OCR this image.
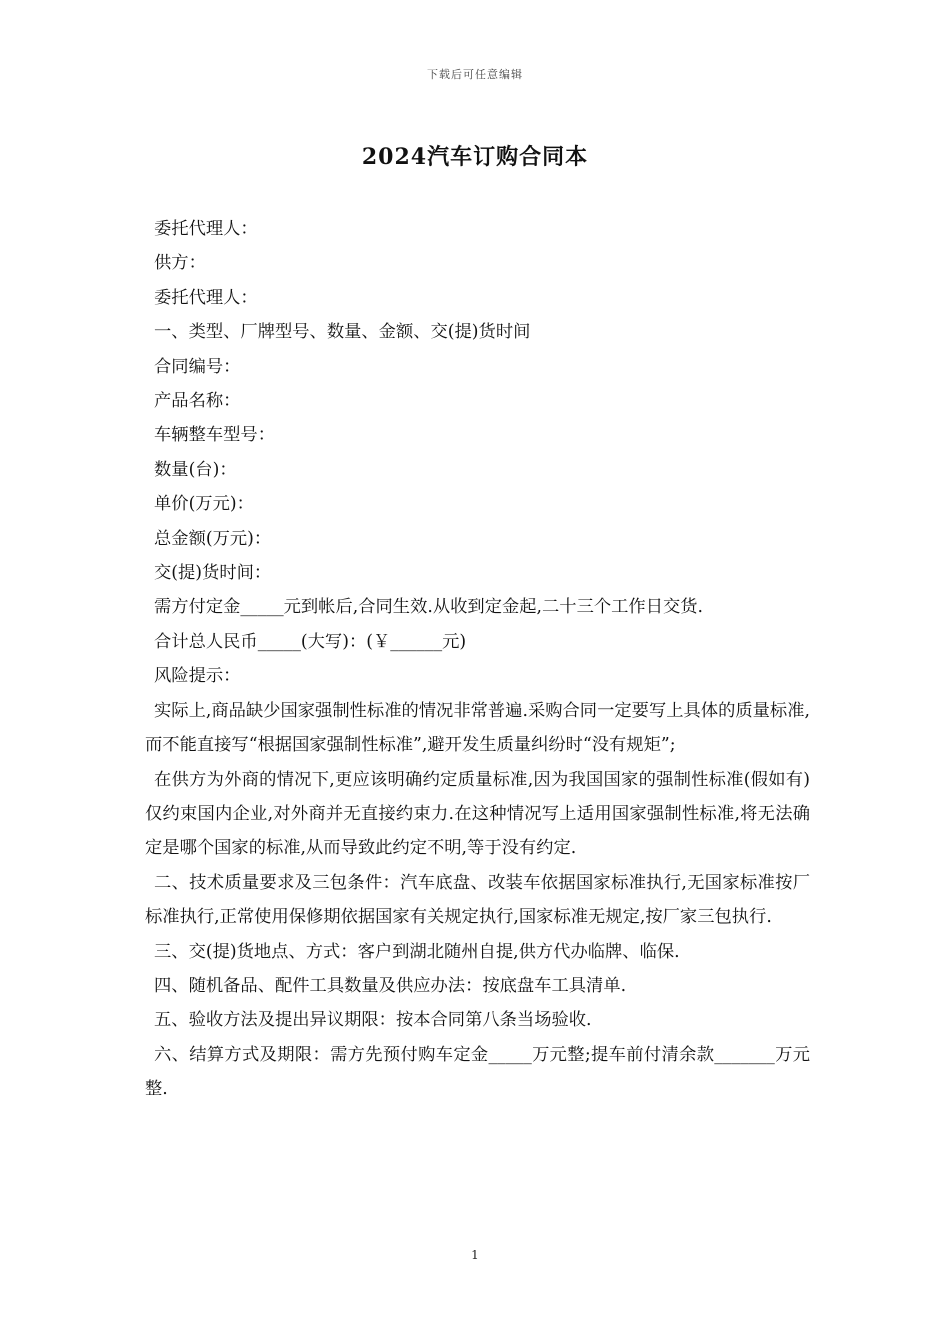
下载后可任意编辑
2024汽车订购合同本
委托代理人：
供方：
委托代理人：
一、类型、厂牌型号、数量、金额、交(提)货时间
合同编号：
产品名称：
车辆整车型号：
数量(台)：
单价(万元)：
总金额(万元)：
交(提)货时间：
需方付定金_____元到帐后,合同生效.从收到定金起,二十三个工作日交货.
合计总人民币_____(大写)：(￥______元)
风险提示：
实际上,商品缺少国家强制性标准的情况非常普遍.采购合同一定要写上具体的质量标准,而不能直接写“根据国家强制性标准”,避开发生质量纠纷时“没有规矩”;
在供方为外商的情况下,更应该明确约定质量标准,因为我国国家的强制性标准(假如有)仅约束国内企业,对外商并无直接约束力.在这种情况写上适用国家强制性标准,将无法确定是哪个国家的标准,从而导致此约定不明,等于没有约定.
二、技术质量要求及三包条件：汽车底盘、改装车依据国家标准执行,无国家标准按厂标准执行,正常使用保修期依据国家有关规定执行,国家标准无规定,按厂家三包执行.
三、交(提)货地点、方式：客户到湖北随州自提,供方代办临牌、临保.
四、随机备品、配件工具数量及供应办法：按底盘车工具清单.
五、验收方法及提出异议期限：按本合同第八条当场验收.
六、结算方式及期限：需方先预付购车定金_____万元整;提车前付清余款_______万元整.
1
